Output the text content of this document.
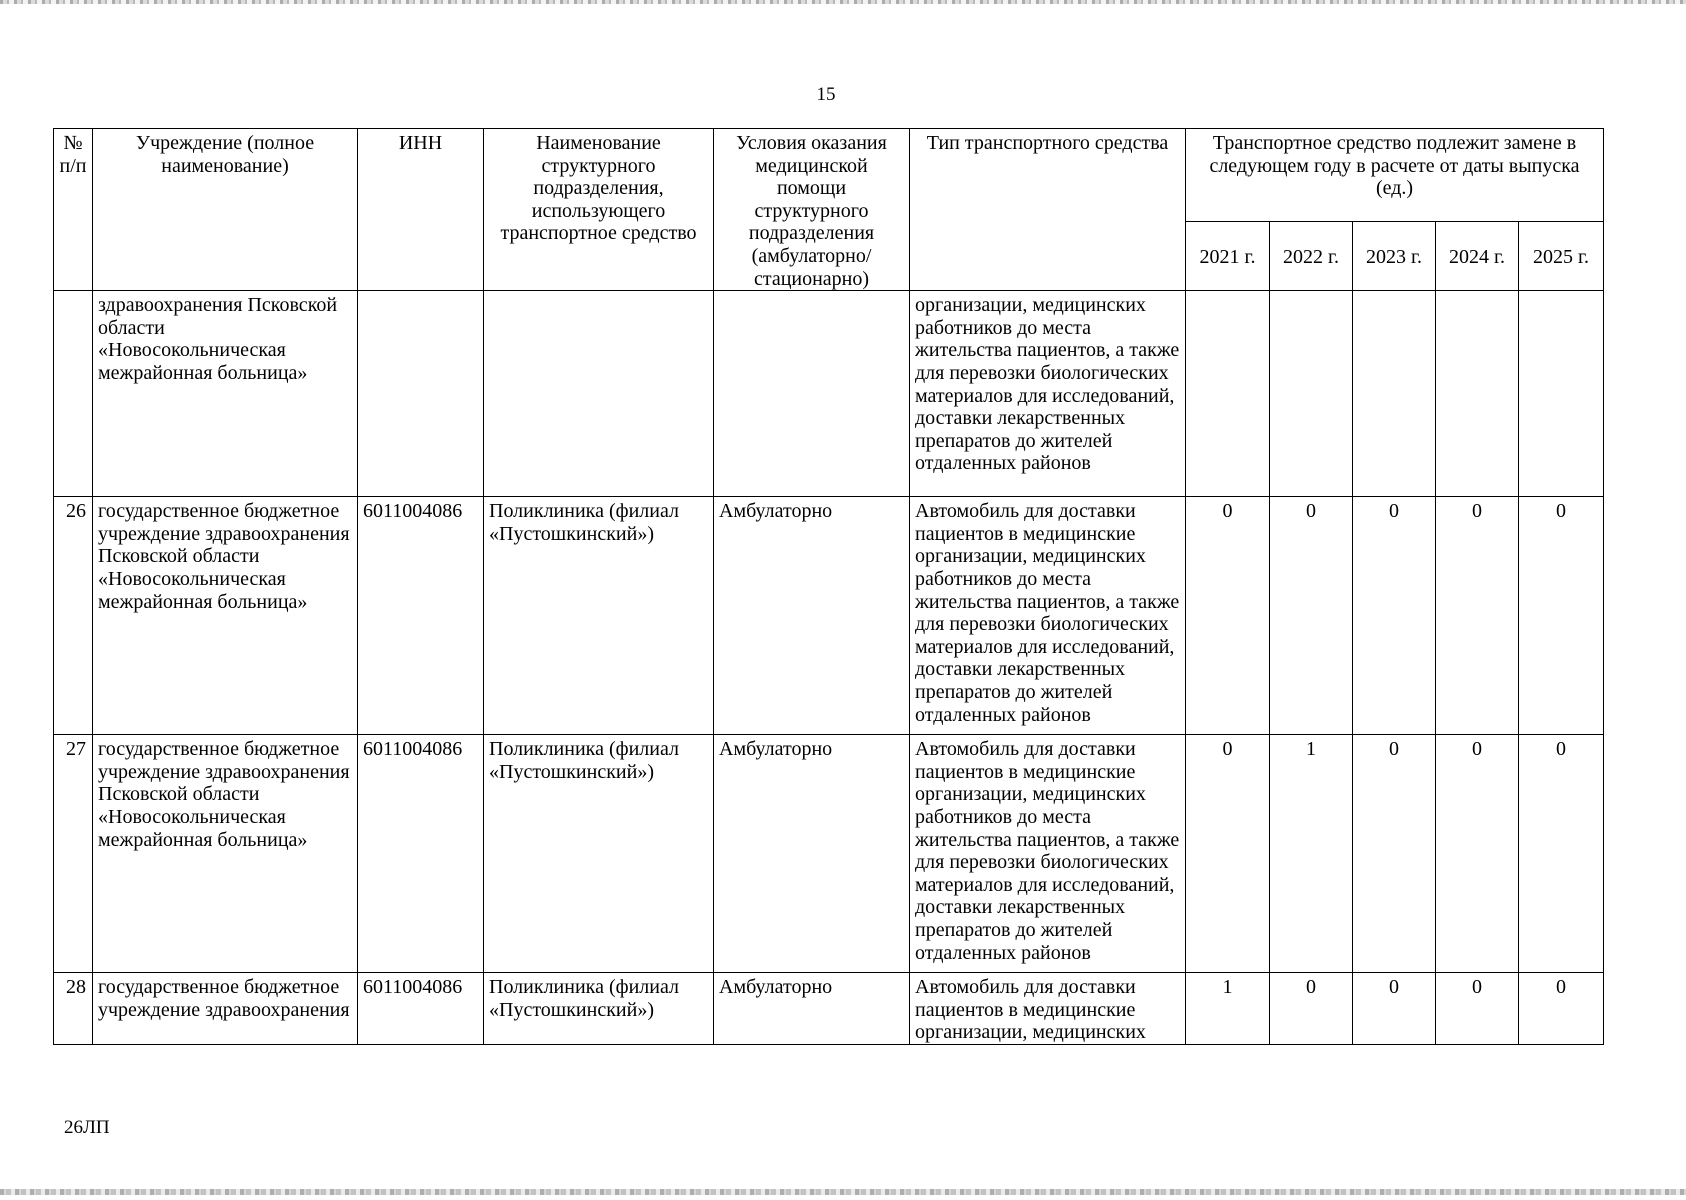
15
№ п/п	Учреждение (полное наименование)	ИНН	Наименование структурного подразделения, использующего транспортное средство	Условия оказания медицинской помощи структурного подразделения (амбулаторно/ стационарно)	Тип транспортного средства	Транспортное средство подлежит замене в следующем году в расчете от даты выпуска (ед.)				
						2021 г.	2022 г.	2023 г.	2024 г.	2025 г.
	здравоохранения Псковской области «Новосокольническая межрайонная больница»				организации, медицинских работников до места жительства пациентов, а также для перевозки биологических материалов для исследований, доставки лекарственных препаратов до жителей отдаленных районов					
26	государственное бюджетное учреждение здравоохранения Псковской области «Новосокольническая межрайонная больница»	6011004086	Поликлиника (филиал «Пустошкинский»)	Амбулаторно	Автомобиль для доставки пациентов в медицинские организации, медицинских работников до места жительства пациентов, а также для перевозки биологических материалов для исследований, доставки лекарственных препаратов до жителей отдаленных районов	0	0	0	0	0
27	государственное бюджетное учреждение здравоохранения Псковской области «Новосокольническая межрайонная больница»	6011004086	Поликлиника (филиал «Пустошкинский»)	Амбулаторно	Автомобиль для доставки пациентов в медицинские организации, медицинских работников до места жительства пациентов, а также для перевозки биологических материалов для исследований, доставки лекарственных препаратов до жителей отдаленных районов	0	1	0	0	0
28	государственное бюджетное учреждение здравоохранения	6011004086	Поликлиника (филиал «Пустошкинский»)	Амбулаторно	Автомобиль для доставки пациентов в медицинские организации, медицинских	1	0	0	0	0
26ЛП
